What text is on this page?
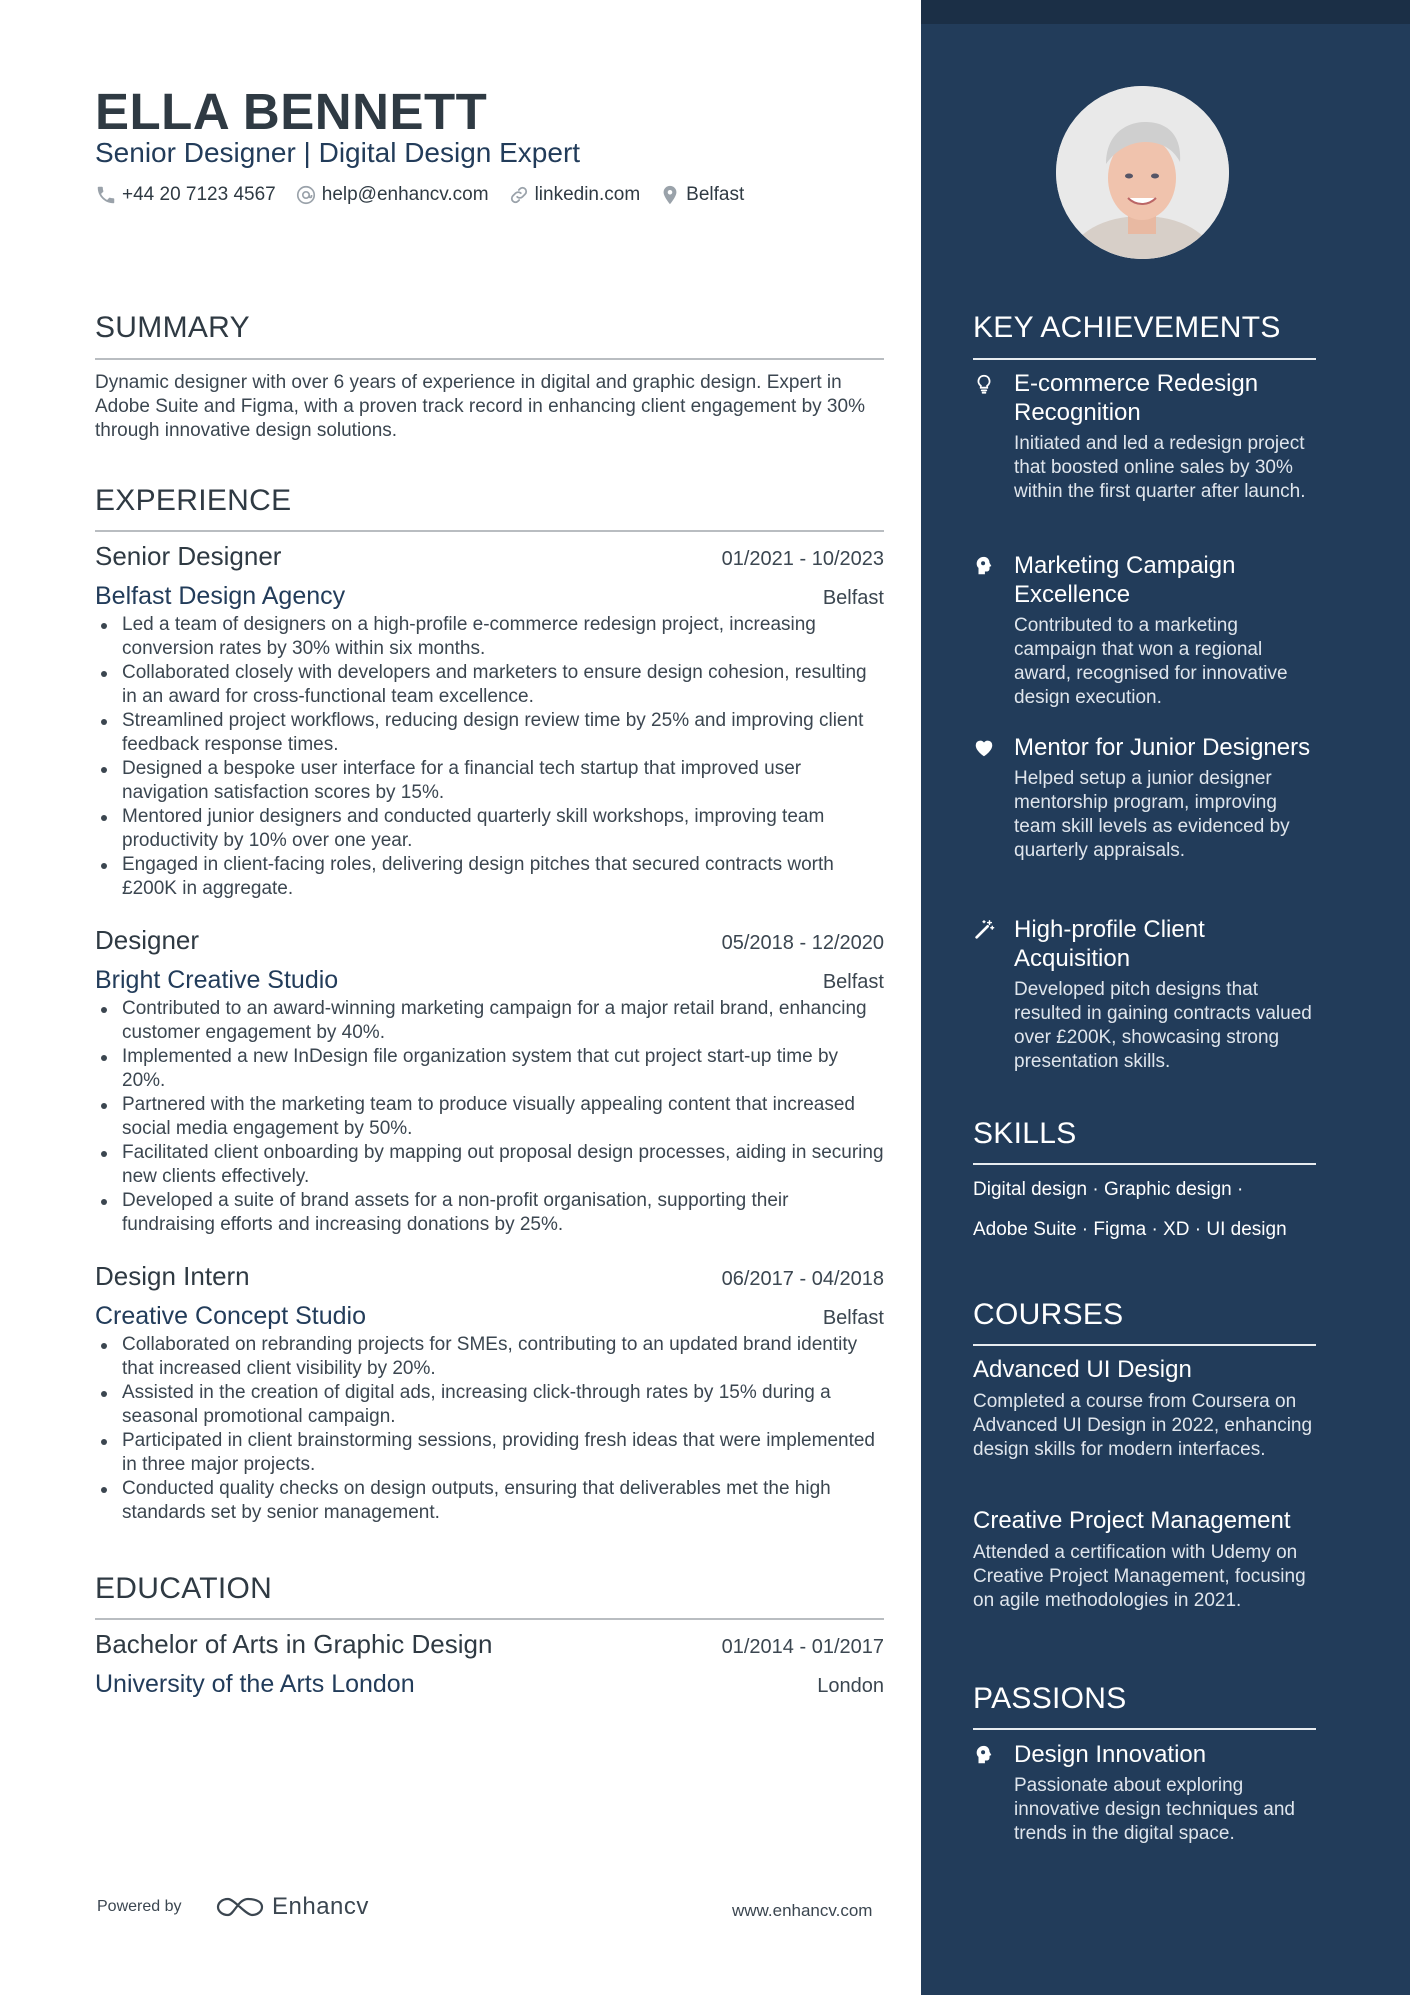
ELLA BENNETT
Senior Designer | Digital Design Expert
+44 20 7123 4567 help@enhancv.com linkedin.com Belfast
SUMMARY
Dynamic designer with over 6 years of experience in digital and graphic design. Expert in Adobe Suite and Figma, with a proven track record in enhancing client engagement by 30% through innovative design solutions.
EXPERIENCE
Senior Designer	01/2021 - 10/2023
Belfast Design Agency	Belfast
Led a team of designers on a high-profile e-commerce redesign project, increasing conversion rates by 30% within six months.
Collaborated closely with developers and marketers to ensure design cohesion, resulting in an award for cross-functional team excellence.
Streamlined project workflows, reducing design review time by 25% and improving client feedback response times.
Designed a bespoke user interface for a financial tech startup that improved user navigation satisfaction scores by 15%.
Mentored junior designers and conducted quarterly skill workshops, improving team productivity by 10% over one year.
Engaged in client-facing roles, delivering design pitches that secured contracts worth £200K in aggregate.
Designer	05/2018 - 12/2020
Bright Creative Studio	Belfast
Contributed to an award-winning marketing campaign for a major retail brand, enhancing customer engagement by 40%.
Implemented a new InDesign file organization system that cut project start-up time by 20%.
Partnered with the marketing team to produce visually appealing content that increased social media engagement by 50%.
Facilitated client onboarding by mapping out proposal design processes, aiding in securing new clients effectively.
Developed a suite of brand assets for a non-profit organisation, supporting their fundraising efforts and increasing donations by 25%.
Design Intern	06/2017 - 04/2018
Creative Concept Studio	Belfast
Collaborated on rebranding projects for SMEs, contributing to an updated brand identity that increased client visibility by 20%.
Assisted in the creation of digital ads, increasing click-through rates by 15% during a seasonal promotional campaign.
Participated in client brainstorming sessions, providing fresh ideas that were implemented in three major projects.
Conducted quality checks on design outputs, ensuring that deliverables met the high standards set by senior management.
EDUCATION
Bachelor of Arts in Graphic Design	01/2014 - 01/2017
University of the Arts London	London
Powered by	Enhancv	www.enhancv.com
KEY ACHIEVEMENTS
E-commerce Redesign Recognition
Initiated and led a redesign project that boosted online sales by 30% within the first quarter after launch.
Marketing Campaign Excellence
Contributed to a marketing campaign that won a regional award, recognised for innovative design execution.
Mentor for Junior Designers
Helped setup a junior designer mentorship program, improving team skill levels as evidenced by quarterly appraisals.
High-profile Client Acquisition
Developed pitch designs that resulted in gaining contracts valued over £200K, showcasing strong presentation skills.
SKILLS
Digital design · Graphic design ·
Adobe Suite · Figma · XD · UI design
COURSES
Advanced UI Design
Completed a course from Coursera on Advanced UI Design in 2022, enhancing design skills for modern interfaces.
Creative Project Management
Attended a certification with Udemy on Creative Project Management, focusing on agile methodologies in 2021.
PASSIONS
Design Innovation
Passionate about exploring innovative design techniques and trends in the digital space.
